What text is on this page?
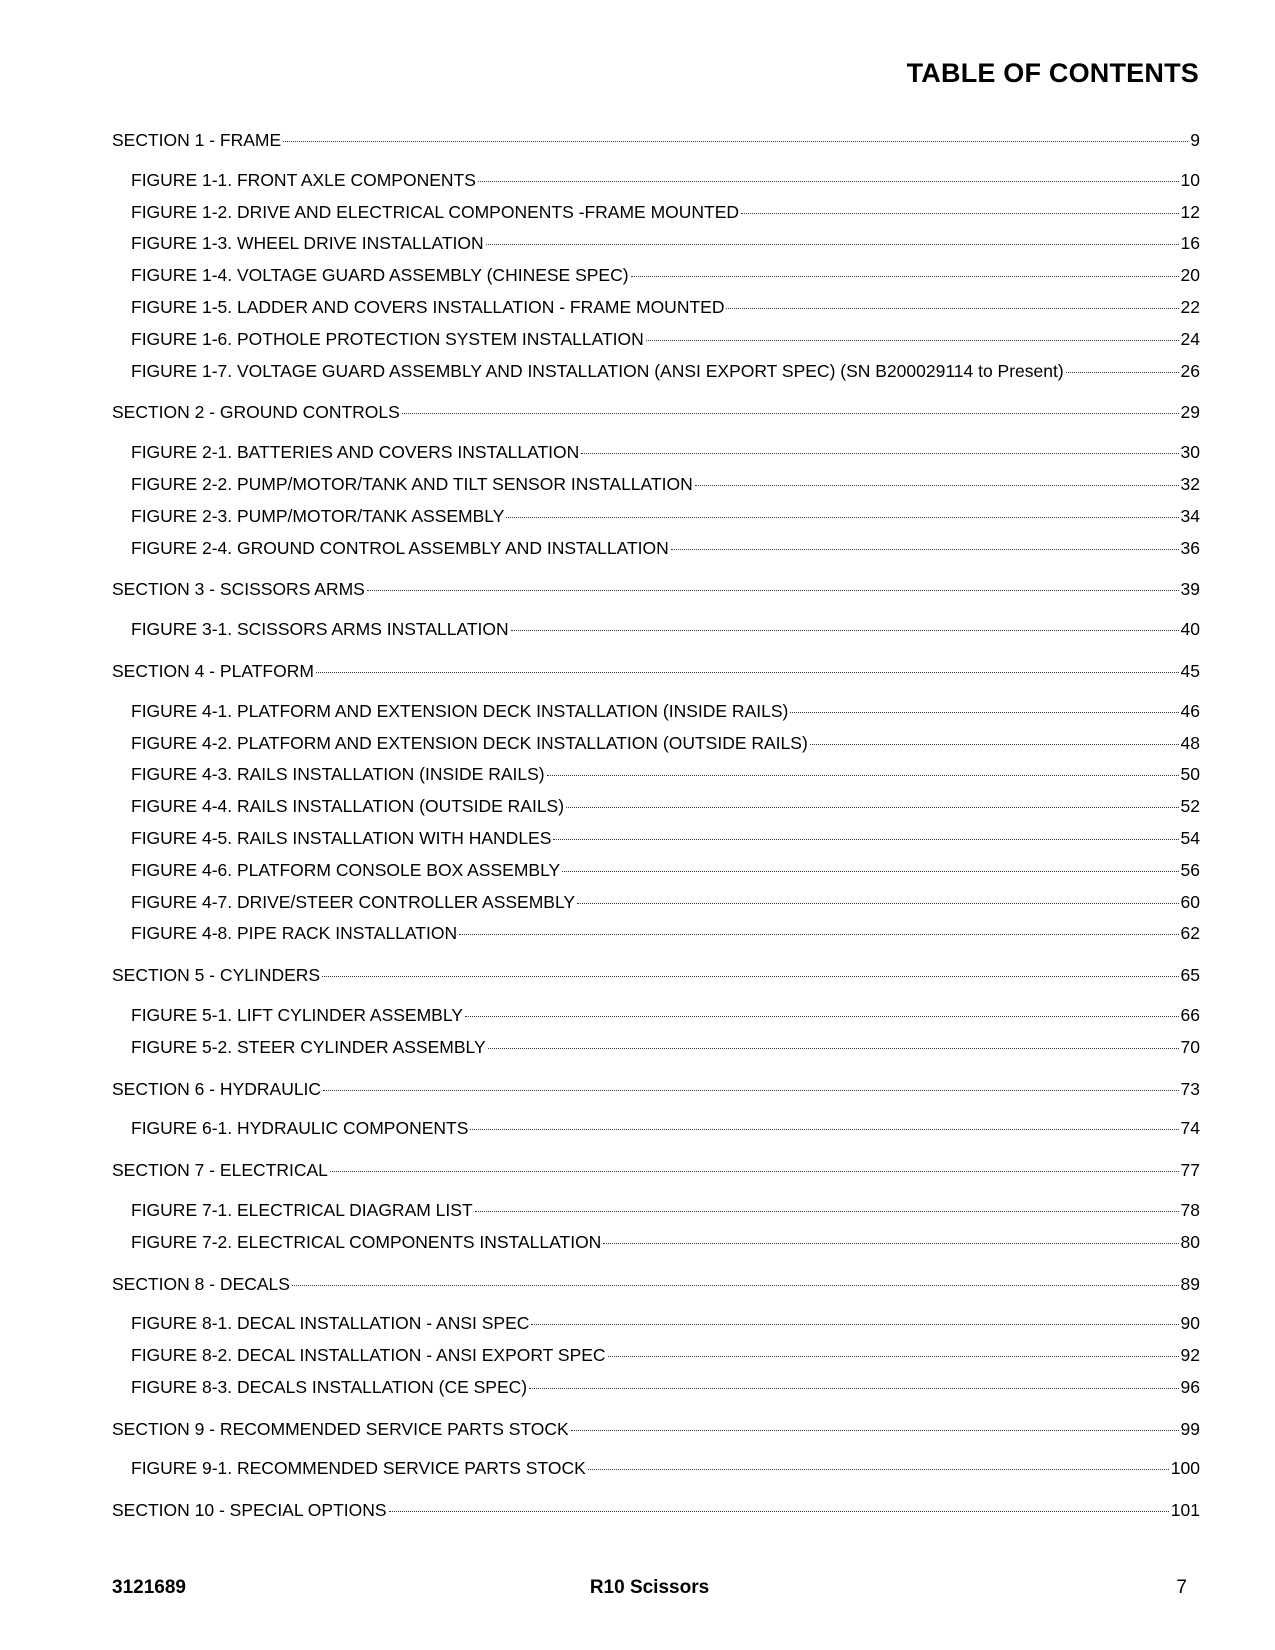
TABLE OF CONTENTS
SECTION 1 - FRAME	9
FIGURE 1-1. FRONT AXLE COMPONENTS	10
FIGURE 1-2. DRIVE AND ELECTRICAL COMPONENTS -FRAME MOUNTED	12
FIGURE 1-3. WHEEL DRIVE INSTALLATION	16
FIGURE 1-4. VOLTAGE GUARD ASSEMBLY (CHINESE SPEC)	20
FIGURE 1-5. LADDER AND COVERS INSTALLATION - FRAME MOUNTED	22
FIGURE 1-6. POTHOLE PROTECTION SYSTEM INSTALLATION	24
FIGURE 1-7. VOLTAGE GUARD ASSEMBLY AND INSTALLATION (ANSI EXPORT SPEC) (SN B200029114 to Present)	26
SECTION 2 - GROUND CONTROLS	29
FIGURE 2-1. BATTERIES AND COVERS INSTALLATION	30
FIGURE 2-2. PUMP/MOTOR/TANK AND TILT SENSOR INSTALLATION	32
FIGURE 2-3. PUMP/MOTOR/TANK ASSEMBLY	34
FIGURE 2-4. GROUND CONTROL ASSEMBLY AND INSTALLATION	36
SECTION 3 - SCISSORS ARMS	39
FIGURE 3-1. SCISSORS ARMS INSTALLATION	40
SECTION 4 - PLATFORM	45
FIGURE 4-1. PLATFORM AND EXTENSION DECK INSTALLATION (INSIDE RAILS)	46
FIGURE 4-2. PLATFORM AND EXTENSION DECK INSTALLATION (OUTSIDE RAILS)	48
FIGURE 4-3. RAILS INSTALLATION (INSIDE RAILS)	50
FIGURE 4-4. RAILS INSTALLATION (OUTSIDE RAILS)	52
FIGURE 4-5. RAILS INSTALLATION WITH HANDLES	54
FIGURE 4-6. PLATFORM CONSOLE BOX ASSEMBLY	56
FIGURE 4-7. DRIVE/STEER CONTROLLER ASSEMBLY	60
FIGURE 4-8. PIPE RACK INSTALLATION	62
SECTION 5 - CYLINDERS	65
FIGURE 5-1. LIFT CYLINDER ASSEMBLY	66
FIGURE 5-2. STEER CYLINDER ASSEMBLY	70
SECTION 6 - HYDRAULIC	73
FIGURE 6-1. HYDRAULIC COMPONENTS	74
SECTION 7 - ELECTRICAL	77
FIGURE 7-1. ELECTRICAL DIAGRAM LIST	78
FIGURE 7-2. ELECTRICAL COMPONENTS INSTALLATION	80
SECTION 8 - DECALS	89
FIGURE 8-1. DECAL INSTALLATION - ANSI SPEC	90
FIGURE 8-2. DECAL INSTALLATION - ANSI EXPORT SPEC	92
FIGURE 8-3. DECALS INSTALLATION (CE SPEC)	96
SECTION 9 - RECOMMENDED SERVICE PARTS STOCK	99
FIGURE 9-1. RECOMMENDED SERVICE PARTS STOCK	100
SECTION 10 - SPECIAL OPTIONS	101
3121689	R10 Scissors	7
